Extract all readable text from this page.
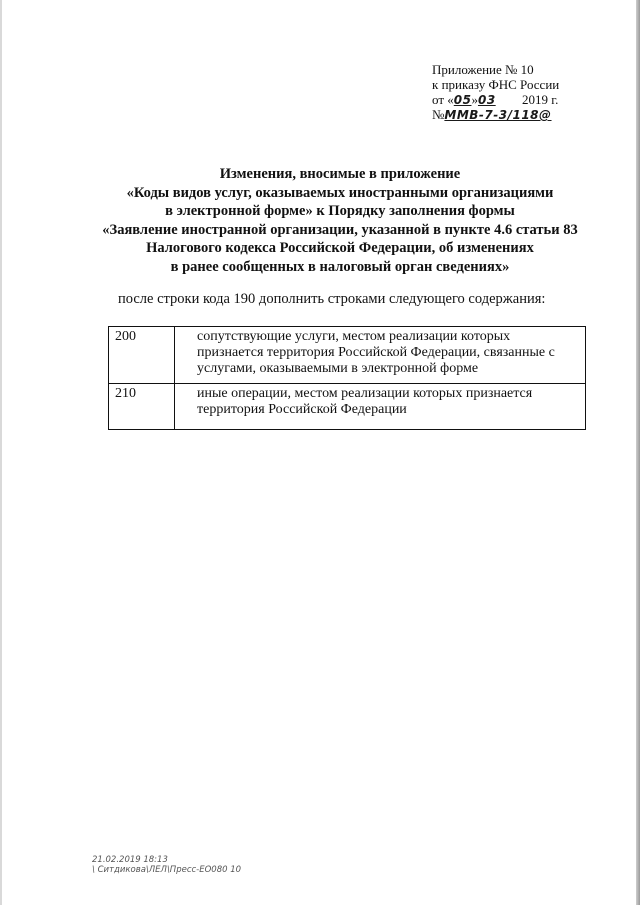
Приложение № 10
к приказу ФНС России
от «05»03 2019 г.
№ММВ-7-3/118@
Изменения, вносимые в приложение
«Коды видов услуг, оказываемых иностранными организациями
в электронной форме» к Порядку заполнения формы
«Заявление иностранной организации, указанной в пункте 4.6 статьи 83
Налогового кодекса Российской Федерации, об изменениях
в ранее сообщенных в налоговый орган сведениях»
после строки кода 190 дополнить строками следующего содержания:
200	сопутствующие услуги, местом реализации которых
признается территория Российской Федерации, связанные с
услугами, оказываемыми в электронной форме

210	иные операции, местом реализации которых признается
территория Российской Федерации
21.02.2019 18:13
\ Ситдикова\ЛЕЛ\Пресс-ЕО080 10
